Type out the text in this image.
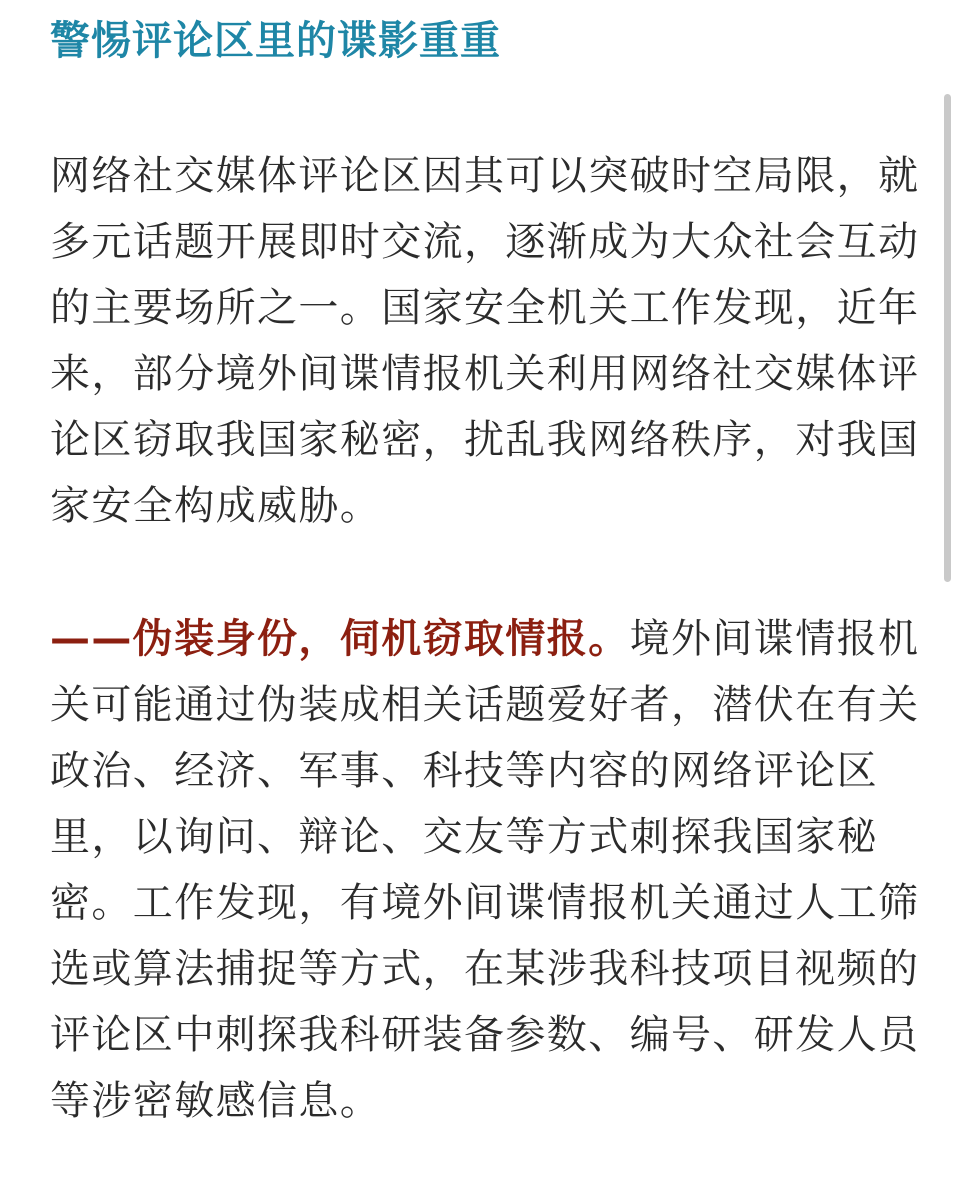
警惕评论区里的谍影重重

网络社交媒体评论区因其可以突破时空局限，就多元话题开展即时交流，逐渐成为大众社会互动的主要场所之一。国家安全机关工作发现，近年来，部分境外间谍情报机关利用网络社交媒体评论区窃取我国家秘密，扰乱我网络秩序，对我国家安全构成威胁。

——伪装身份，伺机窃取情报。境外间谍情报机关可能通过伪装成相关话题爱好者，潜伏在有关政治、经济、军事、科技等内容的网络评论区里，以询问、辩论、交友等方式刺探我国家秘密。工作发现，有境外间谍情报机关通过人工筛选或算法捕捉等方式，在某涉我科技项目视频的评论区中刺探我科研装备参数、编号、研发人员等涉密敏感信息。
